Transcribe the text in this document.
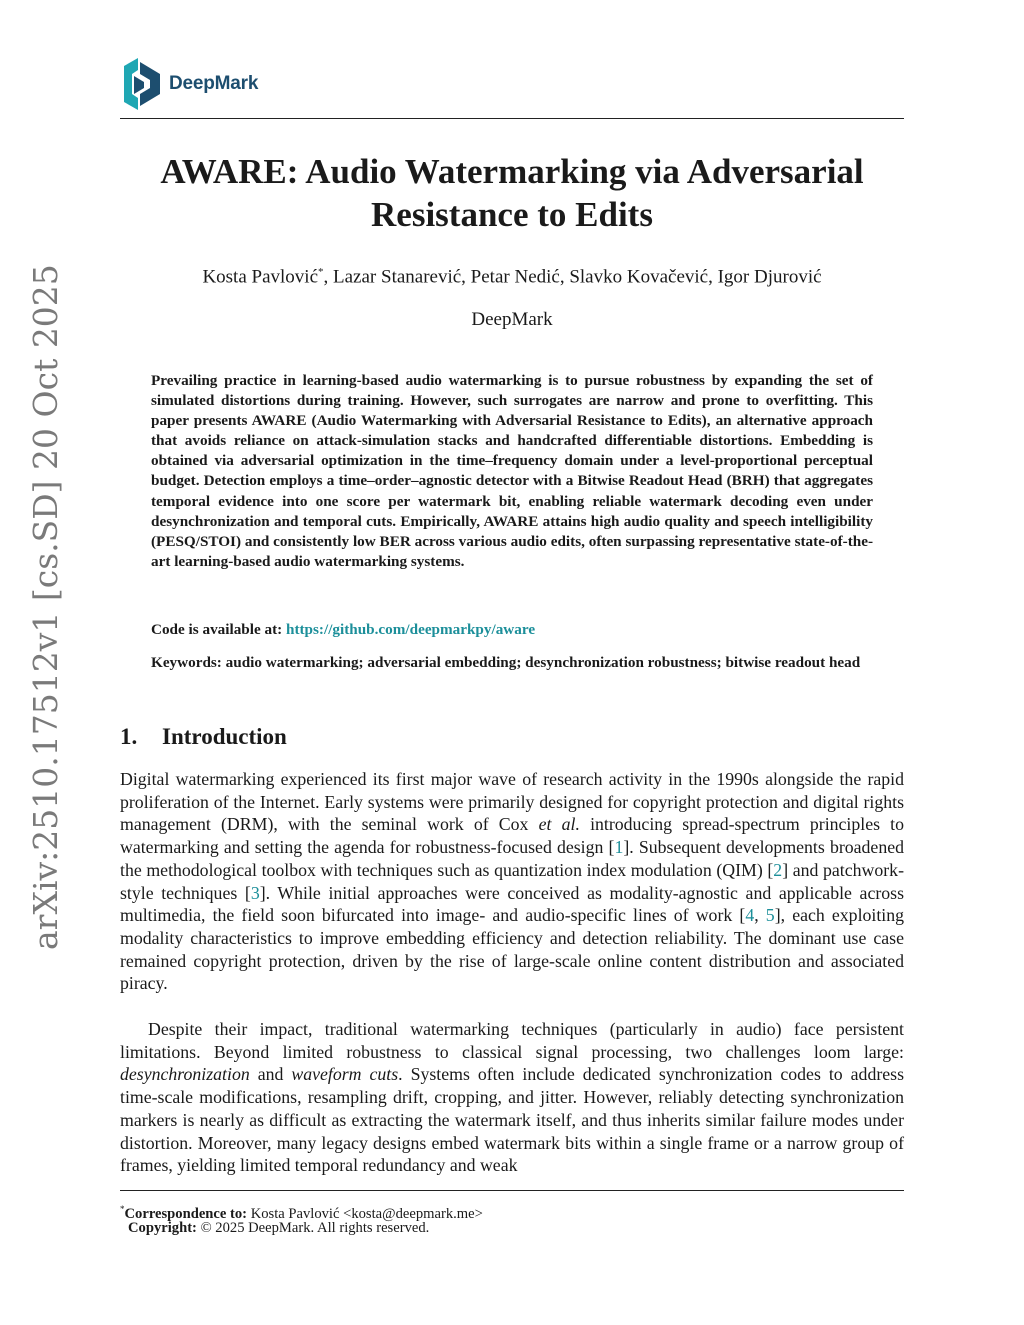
DeepMark
arXiv:2510.17512v1 [cs.SD] 20 Oct 2025
AWARE: Audio Watermarking via Adversarial Resistance to Edits
Kosta Pavlović*, Lazar Stanarević, Petar Nedić, Slavko Kovačević, Igor Djurović
DeepMark
Prevailing practice in learning-based audio watermarking is to pursue robustness by expanding the set of simulated distortions during training. However, such surrogates are narrow and prone to overfitting. This paper presents AWARE (Audio Watermarking with Adversarial Resistance to Edits), an alternative approach that avoids reliance on attack-simulation stacks and handcrafted differentiable distortions. Embedding is obtained via adversarial optimization in the time–frequency domain under a level-proportional perceptual budget. Detection employs a time–order–agnostic detector with a Bitwise Readout Head (BRH) that aggregates temporal evidence into one score per watermark bit, enabling reliable watermark decoding even under desynchronization and temporal cuts. Empirically, AWARE attains high audio quality and speech intelligibility (PESQ/STOI) and consistently low BER across various audio edits, often surpassing representative state-of-the-art learning-based audio watermarking systems.
Code is available at: https://github.com/deepmarkpy/aware
Keywords: audio watermarking; adversarial embedding; desynchronization robustness; bitwise readout head
1. Introduction

Digital watermarking experienced its first major wave of research activity in the 1990s alongside the rapid proliferation of the Internet. Early systems were primarily designed for copyright protection and digital rights management (DRM), with the seminal work of Cox et al. introducing spread-spectrum principles to watermarking and setting the agenda for robustness-focused design [1]. Subsequent developments broadened the methodological toolbox with techniques such as quantization index modulation (QIM) [2] and patchwork-style techniques [3]. While initial approaches were conceived as modality-agnostic and applicable across multimedia, the field soon bifurcated into image- and audio-specific lines of work [4, 5], each exploiting modality characteristics to improve embedding efficiency and detection reliability. The dominant use case remained copyright protection, driven by the rise of large-scale online content distribution and associated piracy.

Despite their impact, traditional watermarking techniques (particularly in audio) face persistent limitations. Beyond limited robustness to classical signal processing, two challenges loom large: desynchronization and waveform cuts. Systems often include dedicated synchronization codes to address time-scale modifications, resampling drift, cropping, and jitter. However, reliably detecting synchronization markers is nearly as difficult as extracting the watermark itself, and thus inherits similar failure modes under distortion. Moreover, many legacy designs embed watermark bits within a single frame or a narrow group of frames, yielding limited temporal redundancy and weak

*Correspondence to: Kosta Pavlović <kosta@deepmark.me>
Copyright: © 2025 DeepMark. All rights reserved.
